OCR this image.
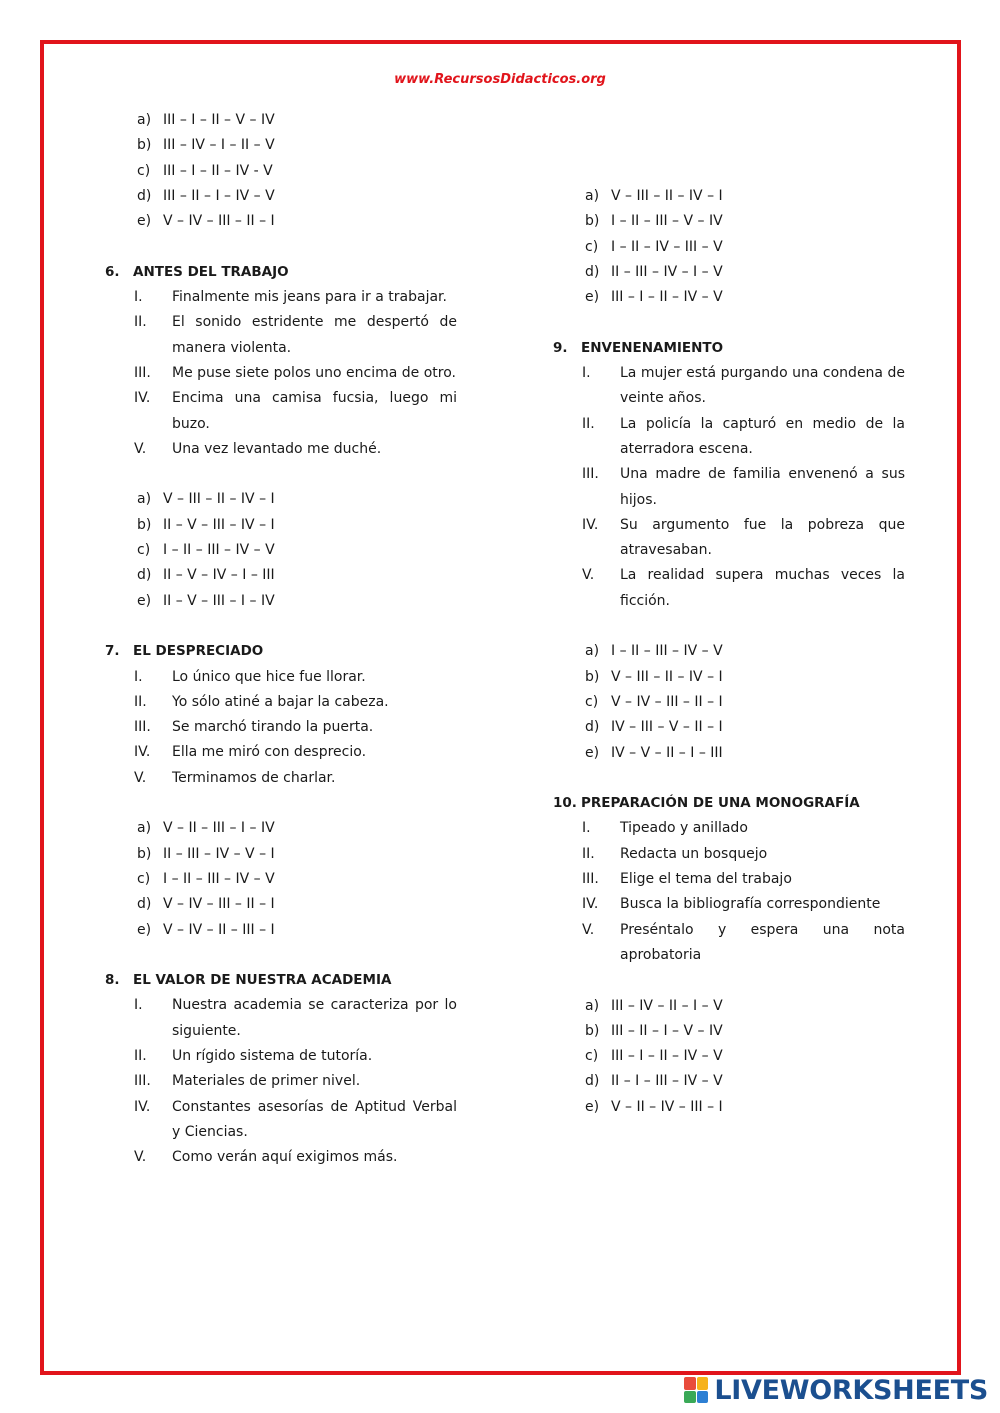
www.RecursosDidacticos.org
a) III – I – II – V – IV
b) III – IV – I – II – V
c) III – I – II – IV - V
d) III – II – I – IV – V
e) V – IV – III – II – I
6. ANTES DEL TRABAJO
I.	Finalmente mis jeans para ir a trabajar.
II.	El sonido estridente me despertó de manera violenta.
III.	Me puse siete polos uno encima de otro.
IV.	Encima una camisa fucsia, luego mi buzo.
V.	Una vez levantado me duché.
a) V – III – II – IV – I
b) II – V – III – IV – I
c) I – II – III – IV – V
d) II – V – IV – I – III
e) II – V – III – I – IV
7. EL DESPRECIADO
I.	Lo único que hice fue llorar.
II.	Yo sólo atiné a bajar la cabeza.
III.	Se marchó tirando la puerta.
IV.	Ella me miró con desprecio.
V.	Terminamos de charlar.
a) V – II – III – I – IV
b) II – III – IV – V – I
c) I – II – III – IV – V
d) V – IV – III – II – I
e) V – IV – II – III – I
8. EL VALOR DE NUESTRA ACADEMIA
I.	Nuestra academia se caracteriza por lo siguiente.
II.	Un rígido sistema de tutoría.
III.	Materiales de primer nivel.
IV.	Constantes asesorías de Aptitud Verbal y Ciencias.
V.	Como verán aquí exigimos más.
a) V – III – II – IV – I
b) I – II – III – V – IV
c) I – II – IV – III – V
d) II – III – IV – I – V
e) III – I – II – IV – V
9. ENVENENAMIENTO
I.	La mujer está purgando una condena de veinte años.
II.	La policía la capturó en medio de la aterradora escena.
III.	Una madre de familia envenenó a sus hijos.
IV.	Su argumento fue la pobreza que atravesaban.
V.	La realidad supera muchas veces la ficción.
a) I – II – III – IV – V
b) V – III – II – IV – I
c) V – IV – III – II – I
d) IV – III – V – II – I
e) IV – V – II – I – III
10. PREPARACIÓN DE UNA MONOGRAFÍA
I.	Tipeado y anillado
II.	Redacta un bosquejo
III.	Elige el tema del trabajo
IV.	Busca la bibliografía correspondiente
V.	Preséntalo y espera una nota aprobatoria
a) III – IV – II – I – V
b) III – II – I – V – IV
c) III – I – II – IV – V
d) II – I – III – IV – V
e) V – II – IV – III – I
LIVEWORKSHEETS
